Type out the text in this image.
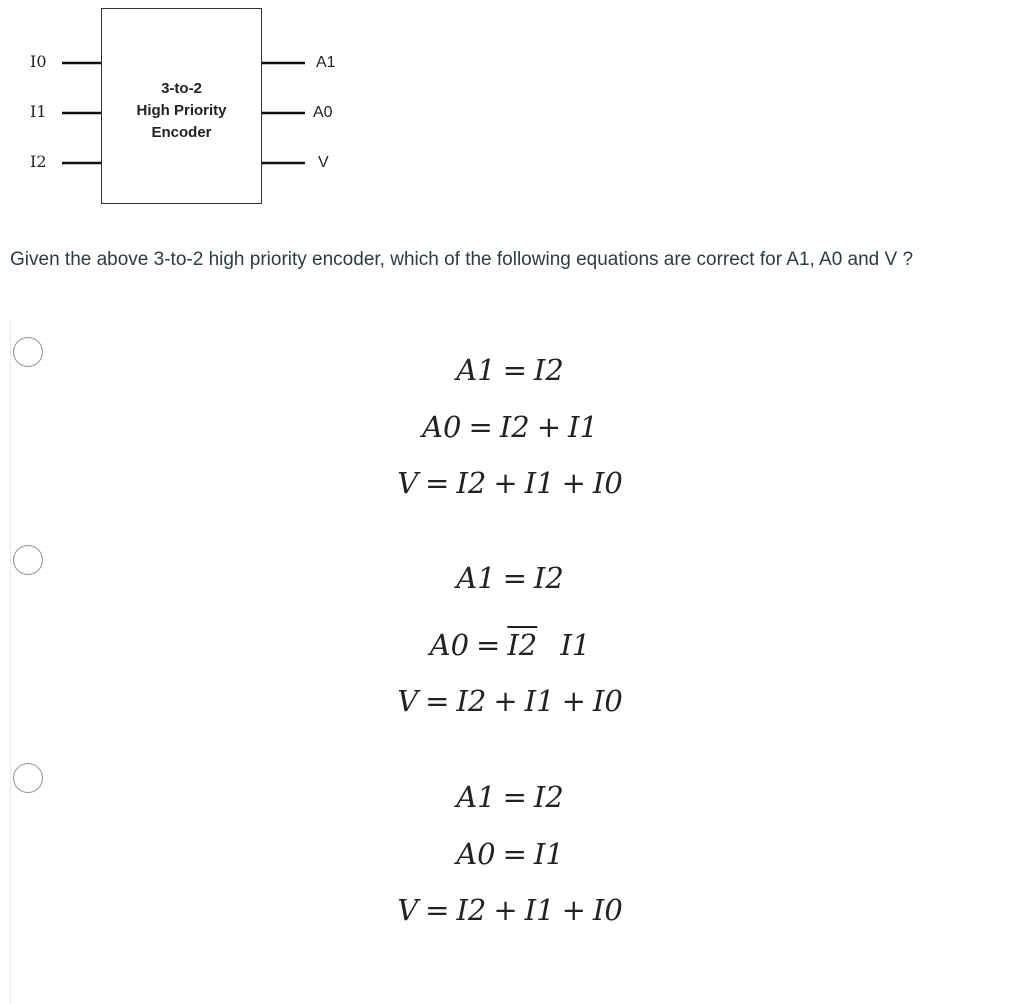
3-to-2
High Priority
Encoder
I0
I1
I2
A1
A0
V
Given the above 3-to-2 high priority encoder, which of the following equations are correct for A1, A0 and V ?
A1 = I2
A0 = I2 + I1
V = I2 + I1 + I0
A1 = I2
A0 = I2 I1
V = I2 + I1 + I0
A1 = I2
A0 = I1
V = I2 + I1 + I0
